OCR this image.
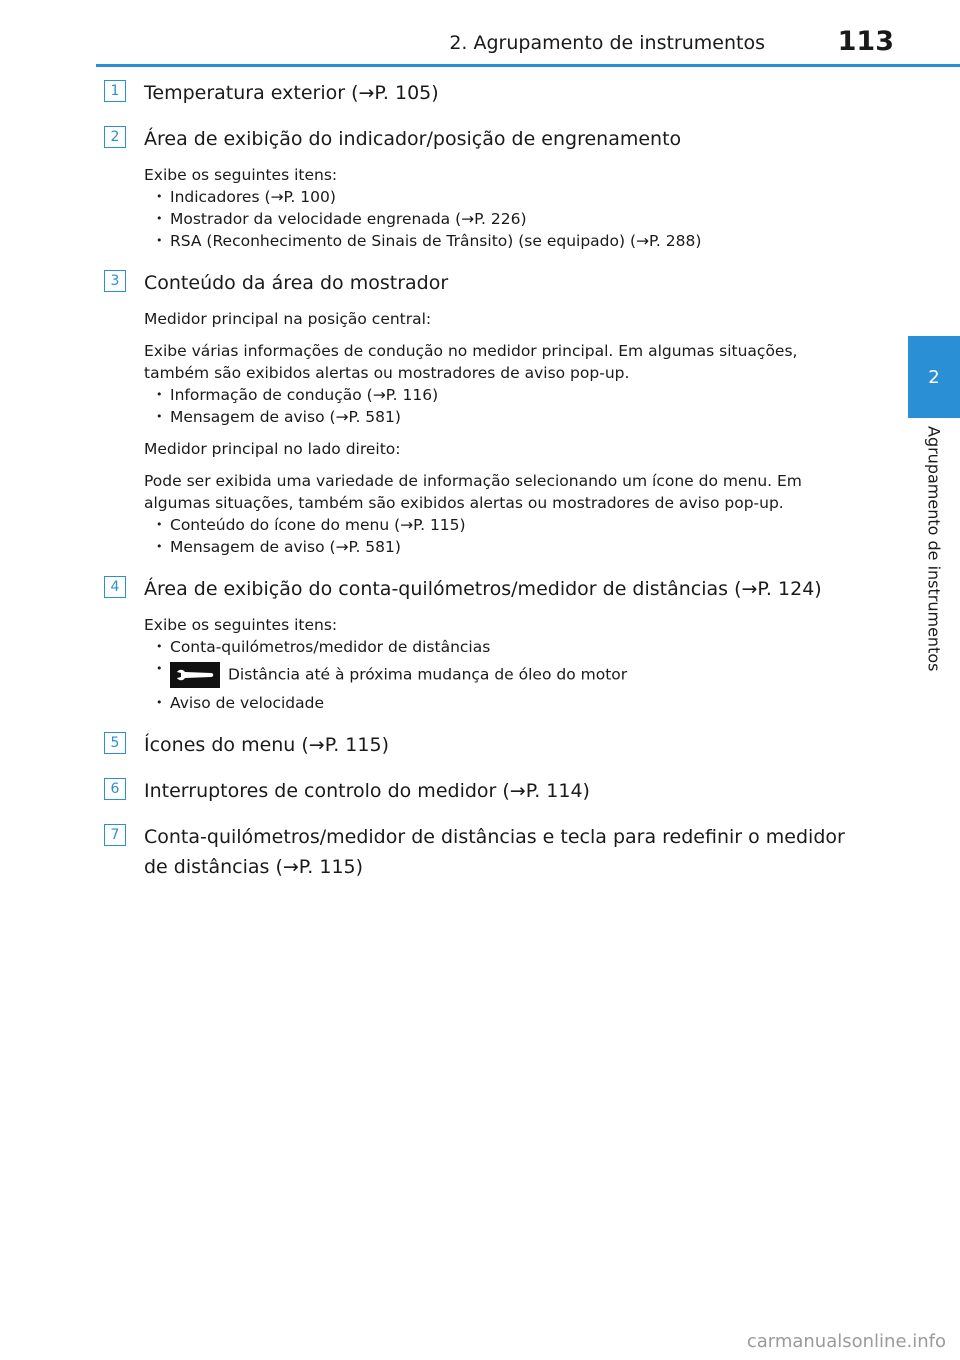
2. Agrupamento de instrumentos	113
2
Agrupamento de instrumentos
1	Temperatura exterior (→P. 105)
2	Área de exibição do indicador/posição de engrenamento
Exibe os seguintes itens:
• Indicadores (→P. 100)
• Mostrador da velocidade engrenada (→P. 226)
• RSA (Reconhecimento de Sinais de Trânsito) (se equipado) (→P. 288)
3	Conteúdo da área do mostrador
Medidor principal na posição central:
Exibe várias informações de condução no medidor principal. Em algumas situações, também são exibidos alertas ou mostradores de aviso pop-up.
• Informação de condução (→P. 116)
• Mensagem de aviso (→P. 581)
Medidor principal no lado direito:
Pode ser exibida uma variedade de informação selecionando um ícone do menu. Em algumas situações, também são exibidos alertas ou mostradores de aviso pop-up.
• Conteúdo do ícone do menu (→P. 115)
• Mensagem de aviso (→P. 581)
4	Área de exibição do conta-quilómetros/medidor de distâncias (→P. 124)
Exibe os seguintes itens:
• Conta-quilómetros/medidor de distâncias
• Distância até à próxima mudança de óleo do motor
• Aviso de velocidade
5	Ícones do menu (→P. 115)
6	Interruptores de controlo do medidor (→P. 114)
7	Conta-quilómetros/medidor de distâncias e tecla para redefinir o medidor de distâncias (→P. 115)
carmanualsonline.info
